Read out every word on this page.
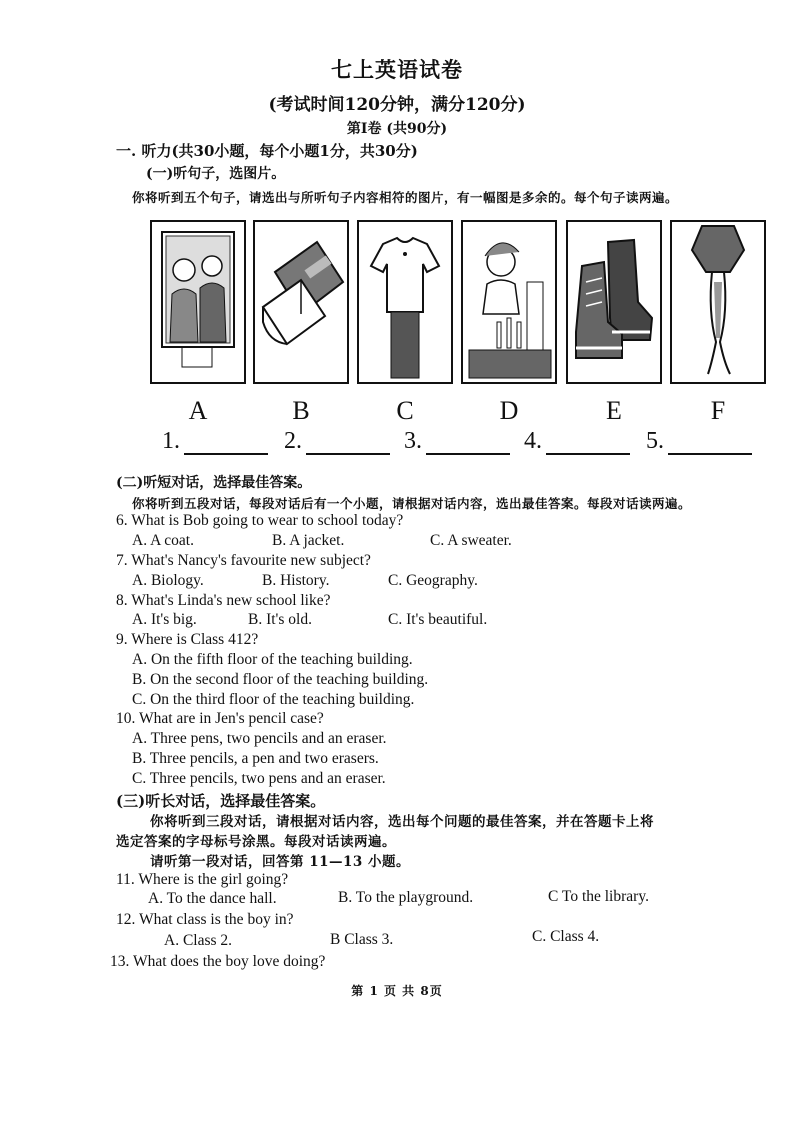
七上英语试卷
(考试时间120分钟，满分120分)
第Ⅰ卷 (共90分)
一. 听力(共30小题，每个小题1分，共30分)
(一)听句子，选图片。
你将听到五个句子，请选出与所听句子内容相符的图片，有一幅图是多余的。每个句子读两遍。
A	B	C	D	E	F
1.	2.	3.	4.	5.
(二)听短对话，选择最佳答案。
你将听到五段对话，每段对话后有一个小题，请根据对话内容，选出最佳答案。每段对话读两遍。
6. What is Bob going to wear to school today?
A. A coat.	B. A jacket.	C. A sweater.
7. What's Nancy's favourite new subject?
A. Biology.	B. History.	C. Geography.
8. What's Linda's new school like?
A. It's big.	B. It's old.	C. It's beautiful.
9. Where is Class 412?
A. On the fifth floor of the teaching building.
B. On the second floor of the teaching building.
C. On the third floor of the teaching building.
10. What are in Jen's pencil case?
A. Three pens, two pencils and an eraser.
B. Three pencils, a pen and two erasers.
C. Three pencils, two pens and an eraser.
(三)听长对话，选择最佳答案。
你将听到三段对话，请根据对话内容，选出每个问题的最佳答案，并在答题卡上将
选定答案的字母标号涂黑。每段对话读两遍。
请听第一段对话，回答第 11—13 小题。
11. Where is the girl going?
A. To the dance hall.	B. To the playground.	C To the library.
12. What class is the boy in?
A. Class 2.	B Class 3.	C. Class 4.
13. What does the boy love doing?
第 1 页 共 8页
